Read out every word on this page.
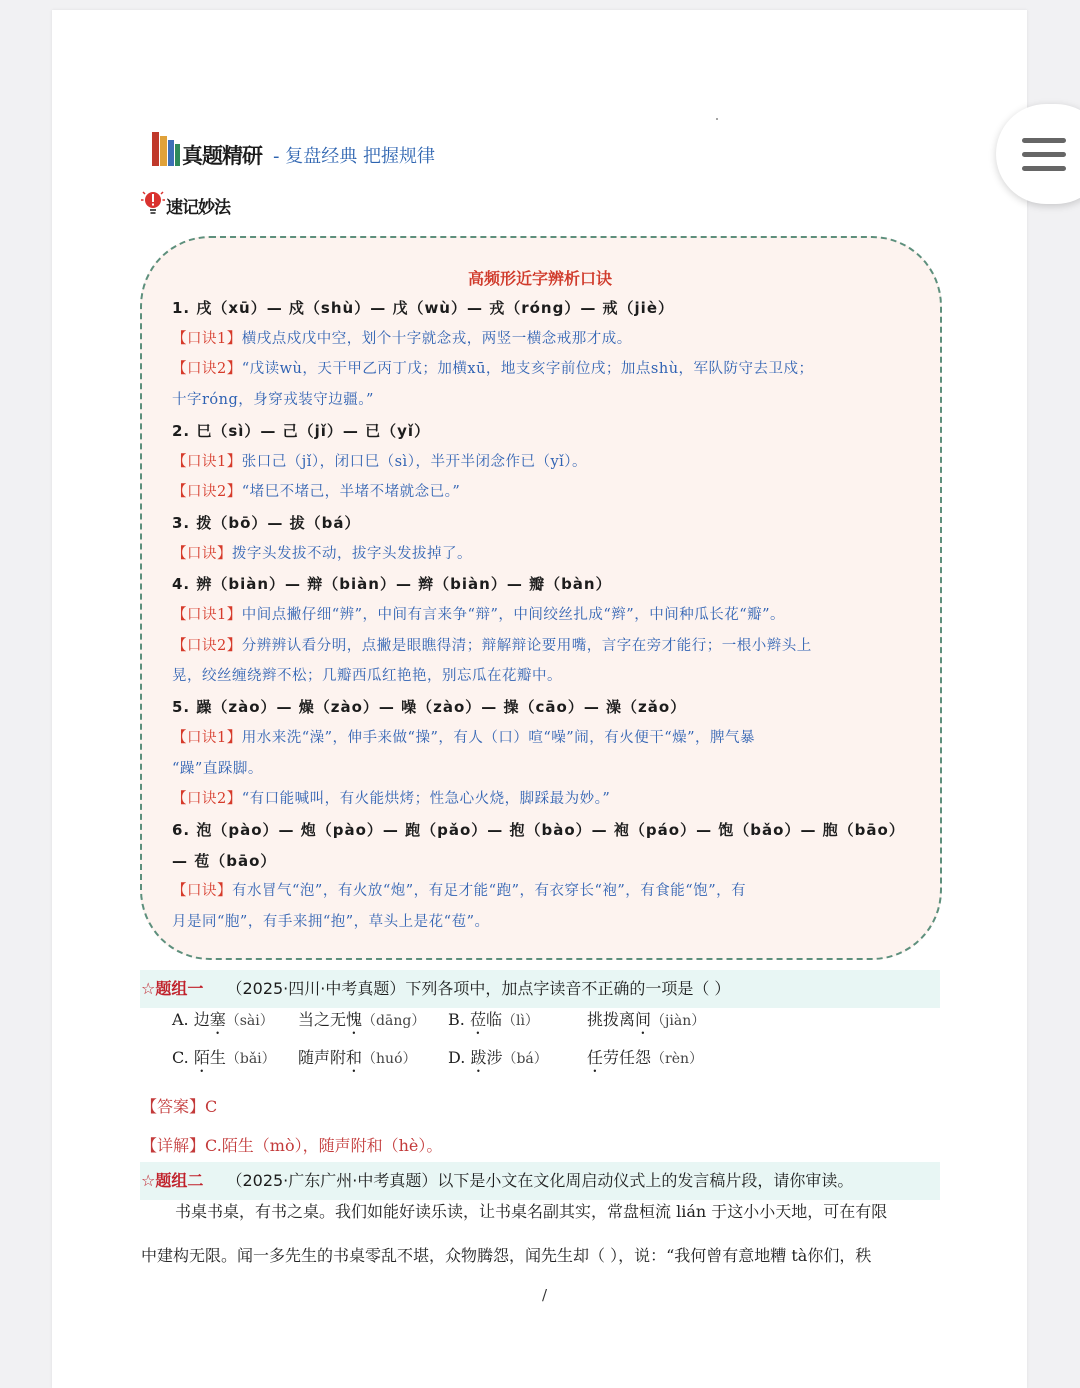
真题精研 - 复盘经典 把握规律
速记妙法
高频形近字辨析口诀
1. 戌（xū）— 戍（shù）— 戊（wù）— 戎（róng）— 戒（jiè）
【口诀1】横戌点戍戊中空，划个十字就念戎，两竖一横念戒那才成。
【口诀2】“戊读wù，天干甲乙丙丁戊；加横xū，地支亥字前位戌；加点shù，军队防守去卫戍；
十字róng，身穿戎装守边疆。”
2. 巳（sì）— 己（jǐ）— 已（yǐ）
【口诀1】张口己（jǐ），闭口巳（sì），半开半闭念作已（yǐ）。
【口诀2】“堵巳不堵己，半堵不堵就念已。”
3. 拨（bō）— 拔（bá）
【口诀】拨字头发拔不动，拔字头发拔掉了。
4. 辨（biàn）— 辩（biàn）— 辫（biàn）— 瓣（bàn）
【口诀1】中间点撇仔细“辨”，中间有言来争“辩”，中间绞丝扎成“辫”，中间种瓜长花“瓣”。
【口诀2】分辨辨认看分明，点撇是眼瞧得清；辩解辩论要用嘴，言字在旁才能行；一根小辫头上
晃，绞丝缠绕辫不松；几瓣西瓜红艳艳，别忘瓜在花瓣中。
5. 躁（zào）— 燥（zào）— 噪（zào）— 操（cāo）— 澡（zǎo）
【口诀1】用水来洗“澡”，伸手来做“操”，有人（口）喧“噪”闹，有火便干“燥”，脾气暴
“躁”直跺脚。
【口诀2】“有口能喊叫，有火能烘烤；性急心火烧，脚踩最为妙。”
6. 泡（pào）— 炮（pào）— 跑（pǎo）— 抱（bào）— 袍（páo）— 饱（bǎo）— 胞（bāo）
— 苞（bāo）
【口诀】有水冒气“泡”，有火放“炮”，有足才能“跑”，有衣穿长“袍”，有食能“饱”，有
月是同“胞”，有手来拥“抱”，草头上是花“苞”。
☆题组一 （2025·四川·中考真题）下列各项中，加点字读音不正确的一项是（ ）
A. 边塞（sài） 当之无愧（dāng） B. 莅临（lì）	挑拨离间（jiàn）
C. 陌生（bǎi） 随声附和（huó） D. 跋涉（bá） 任劳任怨（rèn）
【答案】C
【详解】C.陌生（mò），随声附和（hè）。
☆题组二 （2025·广东广州·中考真题）以下是小文在文化周启动仪式上的发言稿片段，请你审读。
书桌书桌，有书之桌。我们如能好读乐读，让书桌名副其实，常盘桓流 lián 于这小小天地，可在有限
中建构无限。闻一多先生的书桌零乱不堪，众物腾怨，闻先生却（ ），说：“我何曾有意地糟 tà你们，秩
/
